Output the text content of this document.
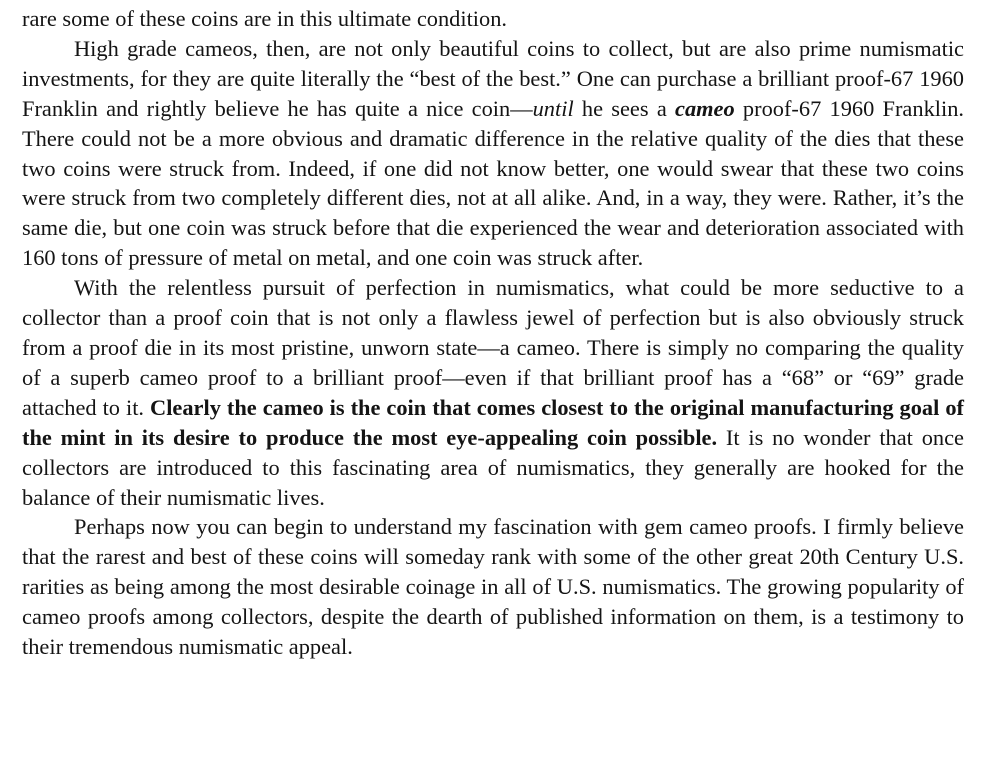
rare some of these coins are in this ultimate condition.

High grade cameos, then, are not only beautiful coins to collect, but are also prime numismatic investments, for they are quite literally the “best of the best.” One can purchase a brilliant proof-67 1960 Franklin and rightly believe he has quite a nice coin—until he sees a cameo proof-67 1960 Franklin. There could not be a more obvious and dramatic difference in the relative quality of the dies that these two coins were struck from. Indeed, if one did not know better, one would swear that these two coins were struck from two completely different dies, not at all alike. And, in a way, they were. Rather, it’s the same die, but one coin was struck before that die experienced the wear and deterioration associated with 160 tons of pressure of metal on metal, and one coin was struck after.

With the relentless pursuit of perfection in numismatics, what could be more seductive to a collector than a proof coin that is not only a flawless jewel of perfection but is also obviously struck from a proof die in its most pristine, unworn state—a cameo. There is simply no comparing the quality of a superb cameo proof to a brilliant proof—even if that brilliant proof has a “68” or “69” grade attached to it. Clearly the cameo is the coin that comes closest to the original manufacturing goal of the mint in its desire to produce the most eye-appealing coin possible. It is no wonder that once collectors are introduced to this fascinating area of numismatics, they generally are hooked for the balance of their numismatic lives.

Perhaps now you can begin to understand my fascination with gem cameo proofs. I firmly believe that the rarest and best of these coins will someday rank with some of the other great 20th Century U.S. rarities as being among the most desirable coinage in all of U.S. numismatics. The growing popularity of cameo proofs among collectors, despite the dearth of published information on them, is a testimony to their tremendous numismatic appeal.
